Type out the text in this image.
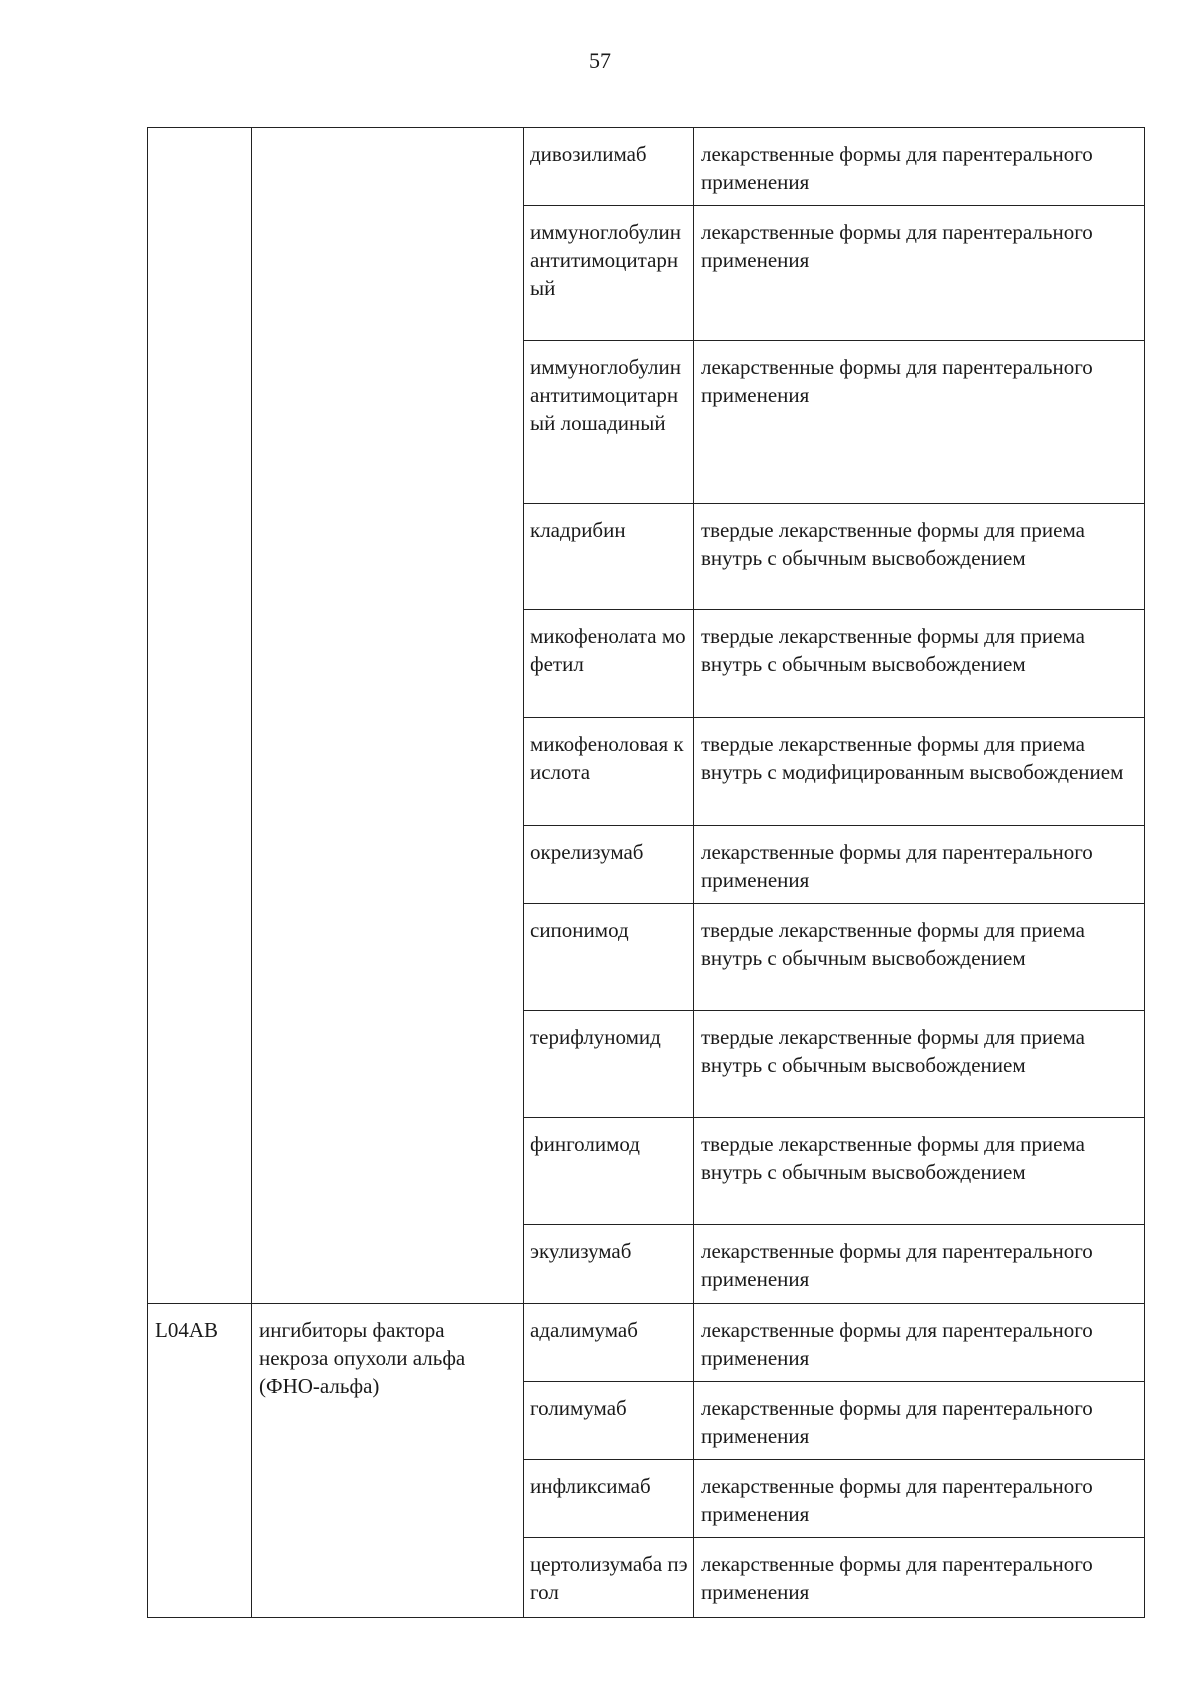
57
		дивозилимаб	лекарственные формы для парентерального применения
		иммуноглобулин антитимоцитарный	лекарственные формы для парентерального применения
		иммуноглобулин антитимоцитарный лошадиный	лекарственные формы для парентерального применения
		кладрибин	твердые лекарственные формы для приема внутрь с обычным высвобождением
		микофенолата мофетил	твердые лекарственные формы для приема внутрь с обычным высвобождением
		микофеноловая кислота	твердые лекарственные формы для приема внутрь с модифицированным высвобождением
		окрелизумаб	лекарственные формы для парентерального применения
		сипонимод	твердые лекарственные формы для приема внутрь с обычным высвобождением
		терифлуномид	твердые лекарственные формы для приема внутрь с обычным высвобождением
		финголимод	твердые лекарственные формы для приема внутрь с обычным высвобождением
		экулизумаб	лекарственные формы для парентерального применения
L04AB	ингибиторы фактора некроза опухоли альфа (ФНО-альфа)	адалимумаб	лекарственные формы для парентерального применения
		голимумаб	лекарственные формы для парентерального применения
		инфликсимаб	лекарственные формы для парентерального применения
		цертолизумаба пэгол	лекарственные формы для парентерального применения
